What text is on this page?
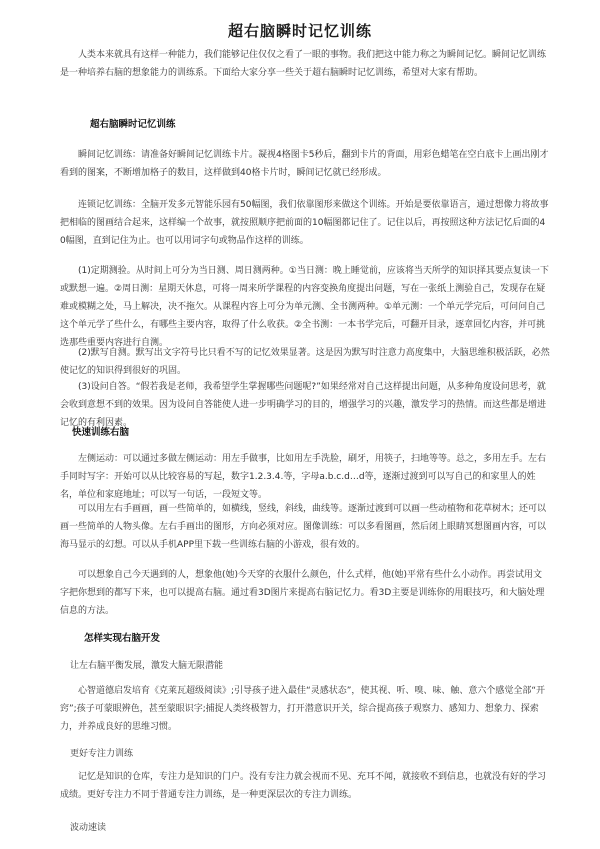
超右脑瞬时记忆训练

人类本来就具有这样一种能力，我们能够记住仅仅之看了一眼的事物。我们把这中能力称之为瞬间记忆。瞬间记忆训练是一种培养右脑的想象能力的训练系。下面给大家分享一些关于超右脑瞬时记忆训练，希望对大家有帮助。

超右脑瞬时记忆训练

瞬间记忆训练：请准备好瞬间记忆训练卡片。凝视4格图卡5秒后，翻到卡片的背面，用彩色蜡笔在空白底卡上画出刚才看到的图案，不断增加格子的数目，这样做到40格卡片时，瞬间记忆就已经形成。

连锁记忆训练：全脑开发多元智能乐园有50幅图，我们依靠图形来做这个训练。开始是要依靠语言，通过想像力将故事把相临的图画结合起来，这样编一个故事，就按照顺序把前面的10幅图都记住了。记住以后，再按照这种方法记忆后面的40幅图，直到记住为止。也可以用词字句或物品作这样的训练。

(1)定期测验。从时间上可分为当日测、周日测两种。①当日测：晚上睡觉前，应该将当天所学的知识择其要点复读一下或默想一遍。②周日测：星期天休息，可将一周来所学课程的内容变换角度提出问题，写在一张纸上测验自己，发现存在疑难或模糊之处，马上解决，决不拖欠。从课程内容上可分为单元测、全书测两种。①单元测：一个单元学完后，可问问自己这个单元学了些什么，有哪些主要内容，取得了什么收获。②全书测：一本书学完后，可翻开目录，逐章回忆内容，并可挑选那些重要内容进行自测。

(2)默写自测。默写出文字符号比只看不写的记忆效果显著。这是因为默写时注意力高度集中，大脑思维积极活跃，必然使记忆的知识得到很好的巩固。

(3)设问自答。“假若我是老师，我希望学生掌握哪些问题呢?”如果经常对自己这样提出问题，从多种角度设问思考，就会收到意想不到的效果。因为设问自答能使人进一步明确学习的目的，增强学习的兴趣，激发学习的热情。而这些都是增进记忆的有利因素。

快速训练右脑

左侧运动：可以通过多做左侧运动：用左手做事，比如用左手洗脸，刷牙，用筷子，扫地等等。总之，多用左手。左右手同时写字：开始可以从比较容易的写起，数字1.2.3.4.等，字母a.b.c.d…d等，逐渐过渡到可以写自己的和家里人的姓名，单位和家庭地址；可以写一句话，一段短文等。

可以用左右手画画，画一些简单的，如横线，竖线，斜线，曲线等。逐渐过渡到可以画一些动植物和花草树木；还可以画一些简单的人物头像。左右手画出的图形，方向必须对应。图像训练：可以多看图画，然后闭上眼睛冥想图画内容，可以海马显示的幻想。可以从手机APP里下载一些训练右脑的小游戏，很有效的。

可以想象自己今天遇到的人，想象他(她)今天穿的衣服什么颜色，什么式样，他(她)平常有些什么小动作。再尝试用文字把你想到的都写下来，也可以提高右脑。通过看3D图片来提高右脑记忆力。看3D主要是训练你的用眼技巧，和大脑处理信息的方法。

怎样实现右脑开发
让左右脑平衡发展，激发大脑无限潜能

心智道德启发培育《克莱瓦超级阅读》;引导孩子进入最佳“灵感状态”，使其视、听、嗅、味、触、意六个感觉全部“开窍”;孩子可蒙眼辨色，甚至蒙眼识字;捕捉人类终极智力，打开潜意识开关，综合提高孩子观察力、感知力、想象力、探索力，并养成良好的思维习惯。

更好专注力训练

记忆是知识的仓库，专注力是知识的门户。没有专注力就会视而不见、充耳不闻，就接收不到信息，也就没有好的学习成绩。更好专注力不同于普通专注力训练，是一种更深层次的专注力训练。

波动速读
